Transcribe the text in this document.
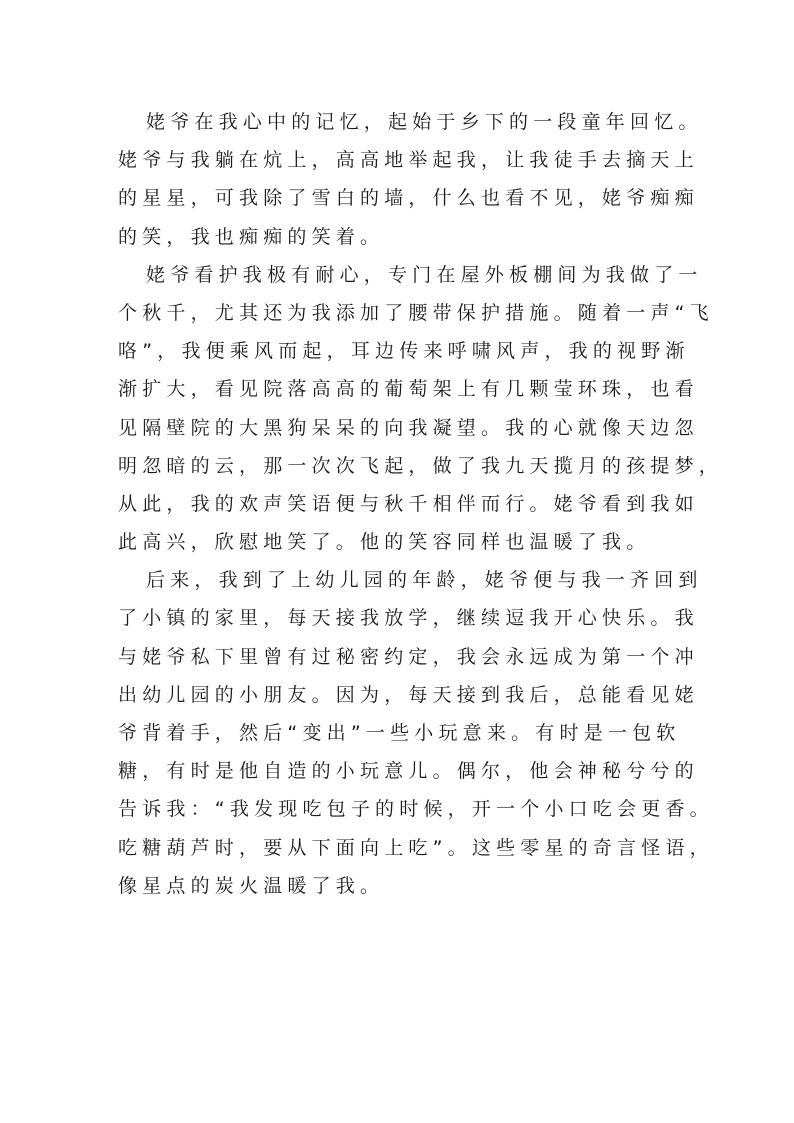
姥爷在我心中的记忆，起始于乡下的一段童年回忆。
姥爷与我躺在炕上，高高地举起我，让我徒手去摘天上
的星星，可我除了雪白的墙，什么也看不见，姥爷痴痴
的笑，我也痴痴的笑着。
姥爷看护我极有耐心，专门在屋外板棚间为我做了一
个秋千，尤其还为我添加了腰带保护措施。随着一声“飞
咯”，我便乘风而起，耳边传来呼啸风声，我的视野渐
渐扩大，看见院落高高的葡萄架上有几颗莹环珠，也看
见隔壁院的大黑狗呆呆的向我凝望。我的心就像天边忽
明忽暗的云，那一次次飞起，做了我九天揽月的孩提梦，
从此，我的欢声笑语便与秋千相伴而行。姥爷看到我如
此高兴，欣慰地笑了。他的笑容同样也温暖了我。
后来，我到了上幼儿园的年龄，姥爷便与我一齐回到
了小镇的家里，每天接我放学，继续逗我开心快乐。我
与姥爷私下里曾有过秘密约定，我会永远成为第一个冲
出幼儿园的小朋友。因为，每天接到我后，总能看见姥
爷背着手，然后“变出”一些小玩意来。有时是一包软
糖，有时是他自造的小玩意儿。偶尔，他会神秘兮兮的
告诉我：“我发现吃包子的时候，开一个小口吃会更香。
吃糖葫芦时，要从下面向上吃”。这些零星的奇言怪语，
像星点的炭火温暖了我。
